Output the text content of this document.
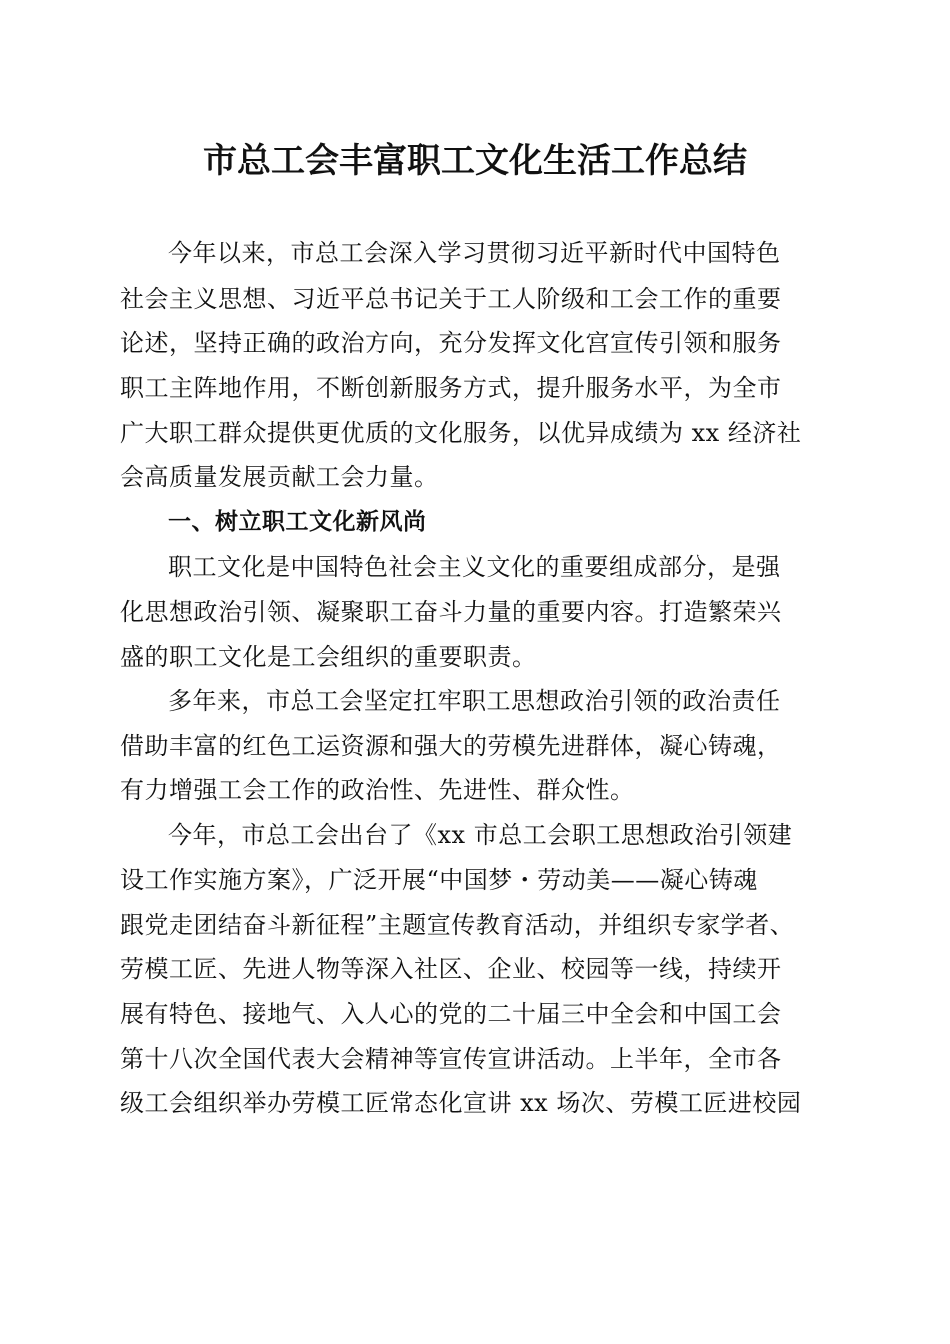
市总工会丰富职工文化生活工作总结
今年以来，市总工会深入学习贯彻习近平新时代中国特色
社会主义思想、习近平总书记关于工人阶级和工会工作的重要
论述，坚持正确的政治方向，充分发挥文化宫宣传引领和服务
职工主阵地作用，不断创新服务方式，提升服务水平，为全市
广大职工群众提供更优质的文化服务，以优异成绩为 xx 经济社
会高质量发展贡献工会力量。
一、树立职工文化新风尚
职工文化是中国特色社会主义文化的重要组成部分，是强
化思想政治引领、凝聚职工奋斗力量的重要内容。打造繁荣兴
盛的职工文化是工会组织的重要职责。
多年来，市总工会坚定扛牢职工思想政治引领的政治责任
借助丰富的红色工运资源和强大的劳模先进群体，凝心铸魂，
有力增强工会工作的政治性、先进性、群众性。
今年，市总工会出台了《xx 市总工会职工思想政治引领建
设工作实施方案》，广泛开展“中国梦・劳动美——凝心铸魂
跟党走团结奋斗新征程”主题宣传教育活动，并组织专家学者、
劳模工匠、先进人物等深入社区、企业、校园等一线，持续开
展有特色、接地气、入人心的党的二十届三中全会和中国工会
第十八次全国代表大会精神等宣传宣讲活动。上半年，全市各
级工会组织举办劳模工匠常态化宣讲 xx 场次、劳模工匠进校园
